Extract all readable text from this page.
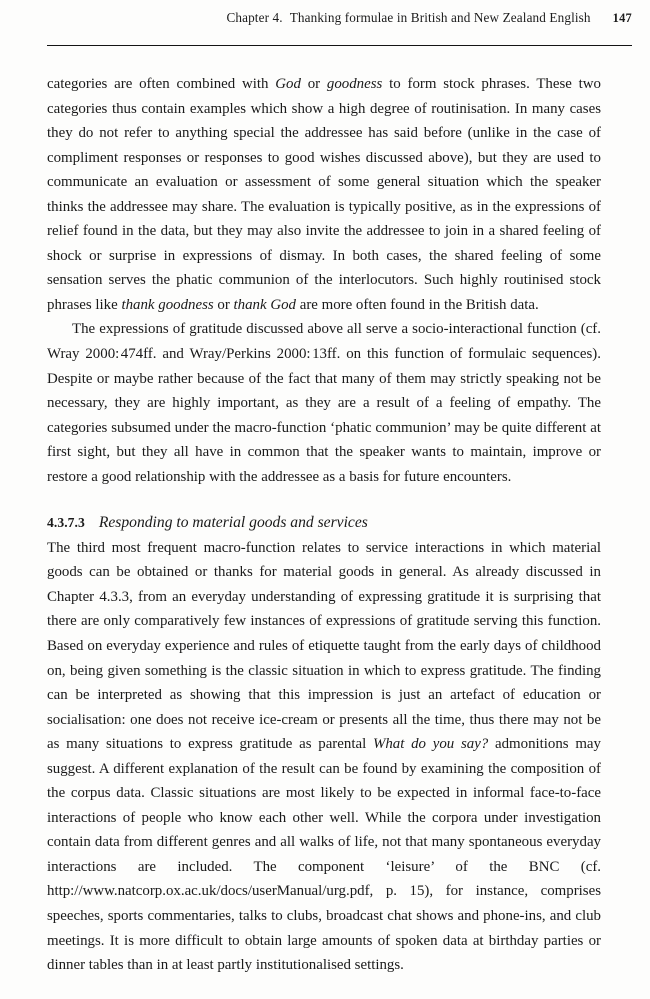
Chapter 4. Thanking formulae in British and New Zealand English 147

categories are often combined with God or goodness to form stock phrases. These two categories thus contain examples which show a high degree of routinisation. In many cases they do not refer to anything special the addressee has said before (unlike in the case of compliment responses or responses to good wishes discussed above), but they are used to communicate an evaluation or assessment of some general situation which the speaker thinks the addressee may share. The evaluation is typically positive, as in the expressions of relief found in the data, but they may also invite the addressee to join in a shared feeling of shock or surprise in expressions of dismay. In both cases, the shared feeling of some sensation serves the phatic communion of the interlocutors. Such highly routinised stock phrases like thank goodness or thank God are more often found in the British data.

The expressions of gratitude discussed above all serve a socio-interactional function (cf. Wray 2000: 474ff. and Wray/Perkins 2000: 13ff. on this function of formulaic sequences). Despite or maybe rather because of the fact that many of them may strictly speaking not be necessary, they are highly important, as they are a result of a feeling of empathy. The categories subsumed under the macro-function ‘phatic communion’ may be quite different at first sight, but they all have in common that the speaker wants to maintain, improve or restore a good relationship with the addressee as a basis for future encounters.

4.3.7.3 Responding to material goods and services

The third most frequent macro-function relates to service interactions in which material goods can be obtained or thanks for material goods in general. As already discussed in Chapter 4.3.3, from an everyday understanding of expressing gratitude it is surprising that there are only comparatively few instances of expressions of gratitude serving this function. Based on everyday experience and rules of etiquette taught from the early days of childhood on, being given something is the classic situation in which to express gratitude. The finding can be interpreted as showing that this impression is just an artefact of education or socialisation: one does not receive ice-cream or presents all the time, thus there may not be as many situations to express gratitude as parental What do you say? admonitions may suggest. A different explanation of the result can be found by examining the composition of the corpus data. Classic situations are most likely to be expected in informal face-to-face interactions of people who know each other well. While the corpora under investigation contain data from different genres and all walks of life, not that many spontaneous everyday interactions are included. The component ‘leisure’ of the BNC (cf. http://www.natcorp.ox.ac.uk/docs/userManual/urg.pdf, p. 15), for instance, comprises speeches, sports commentaries, talks to clubs, broadcast chat shows and phone-ins, and club meetings. It is more difficult to obtain large amounts of spoken data at birthday parties or dinner tables than in at least partly institutionalised settings.
